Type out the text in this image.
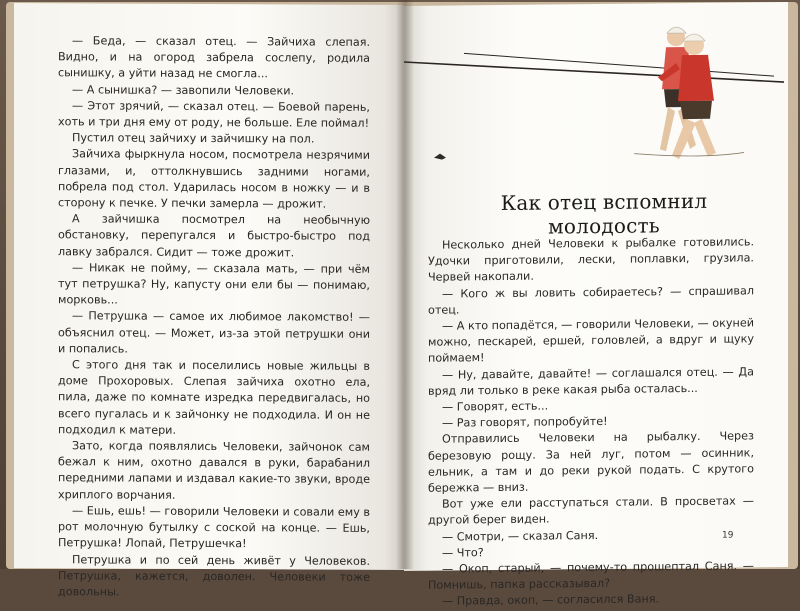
— Беда, — сказал отец. — Зайчиха слепая. Видно, и на огород забрела сослепу, родила сынишку, а уйти назад не смогла...

— А сынишка? — завопили Человеки.

— Этот зрячий, — сказал отец. — Боевой парень, хоть и три дня ему от роду, не больше. Еле поймал!

Пустил отец зайчиху и зайчишку на пол.

Зайчиха фыркнула носом, посмотрела незрячими глазами, и, оттолкнувшись задними ногами, побрела под стол. Ударилась носом в ножку — и в сторону к печке. У печки замерла — дрожит.

А зайчишка посмотрел на необычную обстановку, перепугался и быстро-быстро под лавку забрался. Сидит — тоже дрожит.

— Никак не пойму, — сказала мать, — при чём тут петрушка? Ну, капусту они ели бы — понимаю, морковь...

— Петрушка — самое их любимое лакомство! — объяснил отец. — Может, из-за этой петрушки они и попались.

С этого дня так и поселились новые жильцы в доме Прохоровых. Слепая зайчиха охотно ела, пила, даже по комнате изредка передвигалась, но всего пугалась и к зайчонку не подходила. И он не подходил к матери.

Зато, когда появлялись Человеки, зайчонок сам бежал к ним, охотно давался в руки, барабанил передними лапами и издавал какие-то звуки, вроде хриплого ворчания.

— Ешь, ешь! — говорили Человеки и совали ему в рот молочную бутылку с соской на конце. — Ешь, Петрушка! Лопай, Петрушечка!

Петрушка и по сей день живёт у Человеков. Петрушка, кажется, доволен. Человеки тоже довольны.

Как отец вспомнил молодость

Несколько дней Человеки к рыбалке готовились. Удочки приготовили, лески, поплавки, грузила. Червей накопали.

— Кого ж вы ловить собираетесь? — спрашивал отец.

— А кто попадётся, — говорили Человеки, — окуней можно, пескарей, ершей, головлей, а вдруг и щуку поймаем!

— Ну, давайте, давайте! — соглашался отец. — Да вряд ли только в реке какая рыба осталась...

— Говорят, есть...

— Раз говорят, попробуйте!

Отправились Человеки на рыбалку. Через березовую рощу. За ней луг, потом — осинник, ельник, а там и до реки рукой подать. С крутого бережка — вниз.

Вот уже ели расступаться стали. В просветах — другой берег виден.

— Смотри, — сказал Саня.

— Что?

— Окоп, старый, — почему-то прошептал Саня. — Помнишь, папка рассказывал?

— Правда, окоп, — согласился Ваня.

19
